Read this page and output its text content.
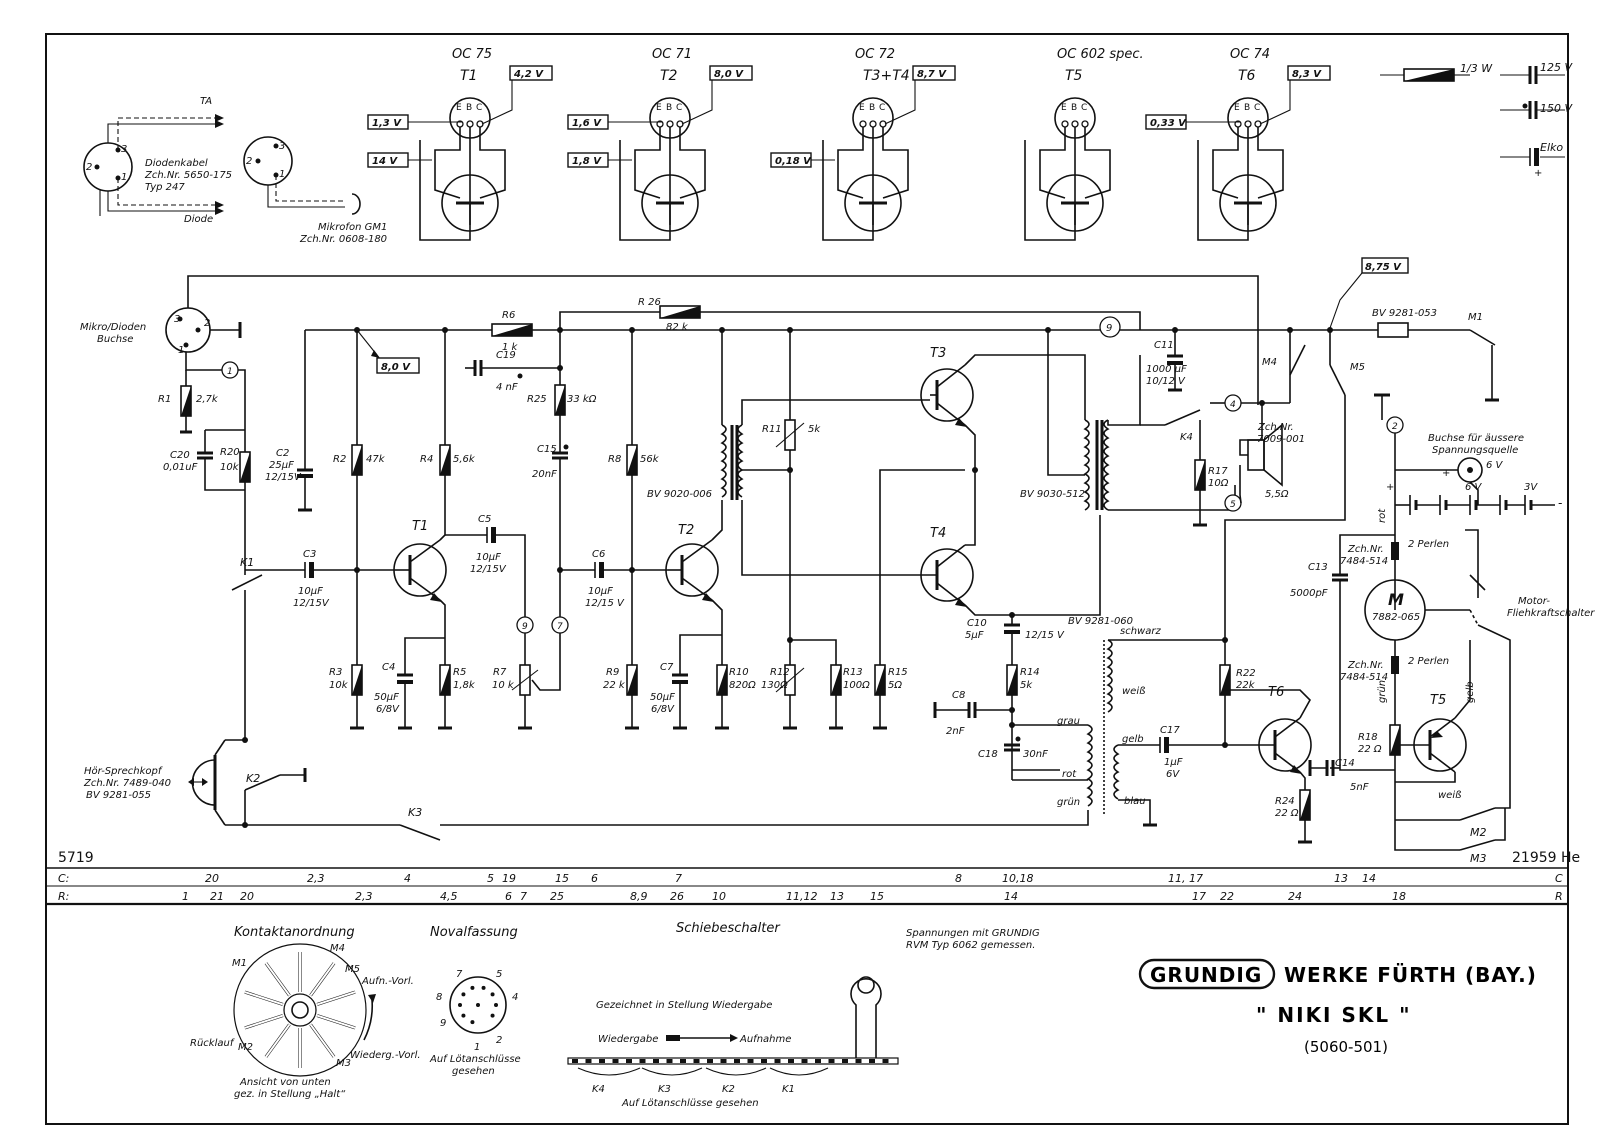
2
3
1
TA
Diode
Diodenkabel
Zch.Nr. 5650-175
Typ 247
2
3
1
Mikrofon GM1
Zch.Nr. 0608-180
OC 75
T1
E B C
4,2 V
1,3 V
14 V
OC 71
T2
E B C
8,0 V
1,6 V
1,8 V
OC 72
T3+T4
E B C
8,7 V
0,18 V
OC 602 spec.
T5
E B C
OC 74
T6
E B C
8,3 V
0,33 V
1/3 W	125 V
150 V
+
Elko
3 2
1
Mikro/Dioden
Buchse
R1 2,7k
1
C20
0,01uF
R20
10k
C2
25µF
12/15V
8,0 V
R2 47k
R3
10k
C3
10µF
12/15V
T1
R4 5,6k
C5
10µF
12/15V
R5
1,8k
C4
50µF
6/8V
9
R7
10 k
7
R6
1 k
R 26
82 k
C19
4 nF
R25 33 kΩ
C15
20nF
C6
10µF
12/15 V
R8 56k
R9
22 k
T2
R10
820Ω
C7
50µF
6/8V
BV 9020-006
R11	5k
R12
130Ω
R13
100Ω
R15
5Ω
T3
T4
BV 9030-512
9
C11
1000 µF
10/12 V
K4
4
R17
10Ω
5
Zch.Nr.
7009-001
5,5Ω
M4
8,75 V
M5
BV 9281-053	M1
2
Buchse für äussere
Spannungsquelle
+
6 V
+	6 V	3V
-
C13
5000pF
2 Perlen
Zch.Nr.
7484-514
rot
M
7882-065
Motor-
Fliehkraftschalter
2 Perlen
Zch.Nr.
7484-514
grün
R18
22 Ω
C14
5nF
T5 gelb
weiß
M2
M3
R22
22k T6
R24
22 Ω
C10
5µF	12/15 V
R14
5k
C8
2nF
C18	30nF
grau
rot
grün
BV 9281-060
schwarz
weiß
gelb
blau
C17
1µF
6V
K1
K2
K3
Hör-Sprechkopf
Zch.Nr. 7489-040
BV 9281-055
5719	21959 He
C:
R:
C
R
20	2,3	4	5 19	15 6	7	8	10,18	11, 17	13 14
1 21 20	2,3	4,5	6 7 25	8,9 26	10	11,12 13 15	14	17 22	24	18
Kontaktanordnung
M1
M4
M5
M2
M3
Aufn.-Vorl.
Rücklauf
Wiederg.-Vorl.
Ansicht von unten
gez. in Stellung „Halt“
Novalfassung
7	5
8	4
9
1
2
Auf Lötanschlüsse
gesehen
Schiebeschalter
Gezeichnet in Stellung Wiedergabe
Wiedergabe	Aufnahme
K4	K3	K2	K1
Auf Lötanschlüsse gesehen
Spannungen mit GRUNDIG
RVM Typ 6062 gemessen.
GRUNDIG WERKE FÜRTH (BAY.)
" NIKI SKL "
(5060-501)
